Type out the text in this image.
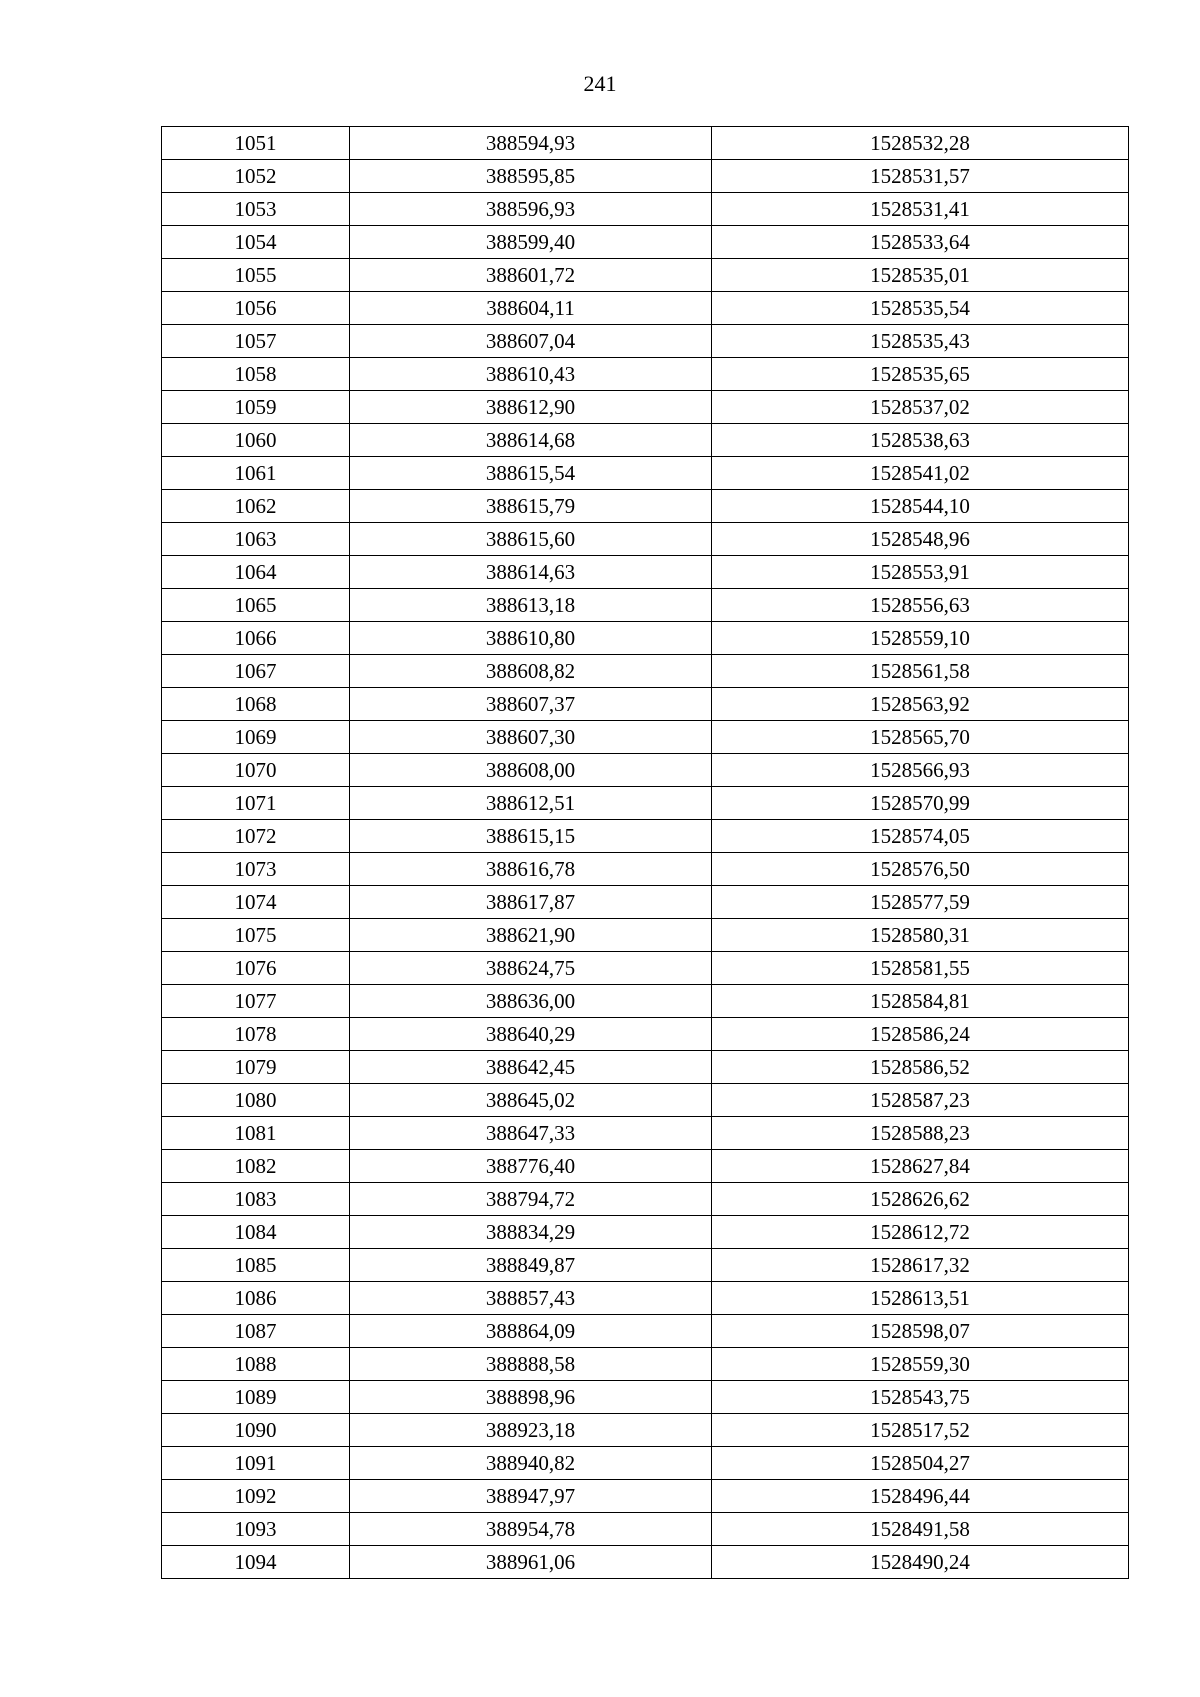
241
1051	388594,93	1528532,28
1052	388595,85	1528531,57
1053	388596,93	1528531,41
1054	388599,40	1528533,64
1055	388601,72	1528535,01
1056	388604,11	1528535,54
1057	388607,04	1528535,43
1058	388610,43	1528535,65
1059	388612,90	1528537,02
1060	388614,68	1528538,63
1061	388615,54	1528541,02
1062	388615,79	1528544,10
1063	388615,60	1528548,96
1064	388614,63	1528553,91
1065	388613,18	1528556,63
1066	388610,80	1528559,10
1067	388608,82	1528561,58
1068	388607,37	1528563,92
1069	388607,30	1528565,70
1070	388608,00	1528566,93
1071	388612,51	1528570,99
1072	388615,15	1528574,05
1073	388616,78	1528576,50
1074	388617,87	1528577,59
1075	388621,90	1528580,31
1076	388624,75	1528581,55
1077	388636,00	1528584,81
1078	388640,29	1528586,24
1079	388642,45	1528586,52
1080	388645,02	1528587,23
1081	388647,33	1528588,23
1082	388776,40	1528627,84
1083	388794,72	1528626,62
1084	388834,29	1528612,72
1085	388849,87	1528617,32
1086	388857,43	1528613,51
1087	388864,09	1528598,07
1088	388888,58	1528559,30
1089	388898,96	1528543,75
1090	388923,18	1528517,52
1091	388940,82	1528504,27
1092	388947,97	1528496,44
1093	388954,78	1528491,58
1094	388961,06	1528490,24
